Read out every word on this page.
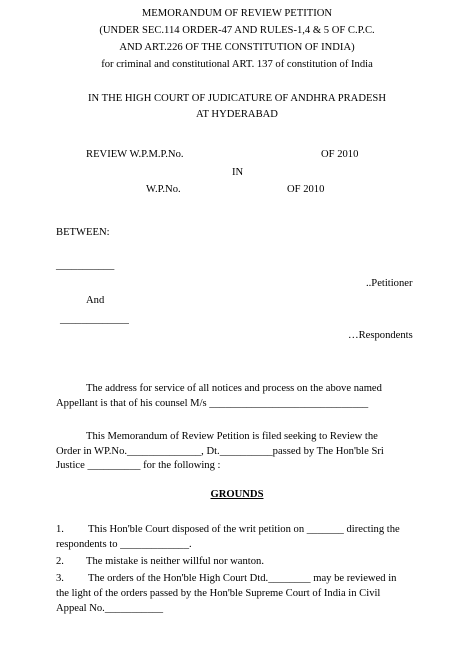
MEMORANDUM OF REVIEW PETITION
(UNDER SEC.114 ORDER-47 AND RULES-1,4 & 5 OF C.P.C.
AND ART.226 OF THE CONSTITUTION OF INDIA)
for criminal and constitutional ART. 137 of constitution of India
IN THE HIGH COURT OF JUDICATURE OF ANDHRA PRADESH
AT HYDERABAD
REVIEW W.P.M.P.No.	OF 2010
IN
W.P.No.	OF 2010
BETWEEN:
___________
..Petitioner
And
_____________
…Respondents
The address for service of all notices and process on the above named
Appellant is that of his counsel M/s ______________________________
This Memorandum of Review Petition is filed seeking to Review the
Order in WP.No.______________, Dt.__________passed by The Hon'ble Sri
Justice __________ for the following :
GROUNDS
1. This Hon'ble Court disposed of the writ petition on _______ directing the
respondents to _____________.
2. The mistake is neither willful nor wanton.
3. The orders of the Hon'ble High Court Dtd.________ may be reviewed in
the light of the orders passed by the Hon'ble Supreme Court of India in Civil
Appeal No.___________
